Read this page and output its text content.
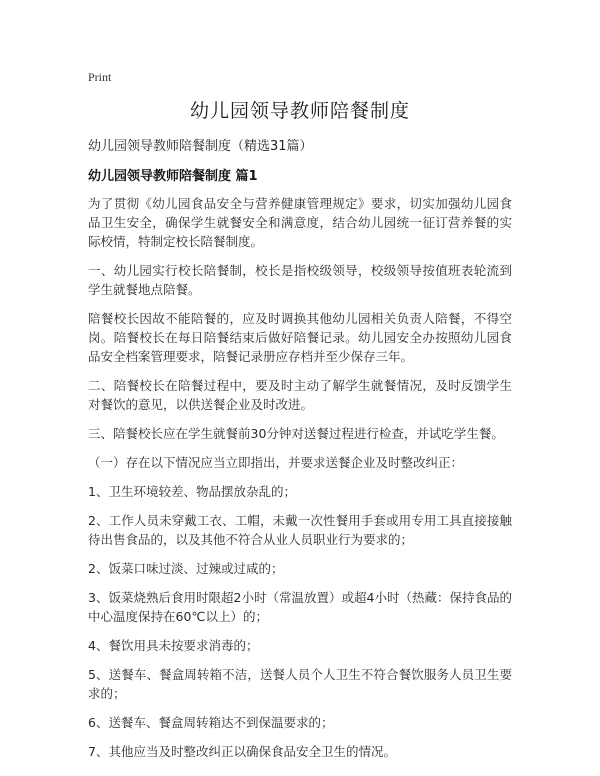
Print
幼儿园领导教师陪餐制度

幼儿园领导教师陪餐制度（精选31篇）

幼儿园领导教师陪餐制度 篇1

为了贯彻《幼儿园食品安全与营养健康管理规定》要求，切实加强幼儿园食品卫生安全，确保学生就餐安全和满意度，结合幼儿园统一征订营养餐的实际校情，特制定校长陪餐制度。

一、幼儿园实行校长陪餐制，校长是指校级领导，校级领导按值班表轮流到学生就餐地点陪餐。

陪餐校长因故不能陪餐的，应及时调换其他幼儿园相关负责人陪餐，不得空岗。陪餐校长在每日陪餐结束后做好陪餐记录。幼儿园安全办按照幼儿园食品安全档案管理要求，陪餐记录册应存档并至少保存三年。

二、陪餐校长在陪餐过程中，要及时主动了解学生就餐情况，及时反馈学生对餐饮的意见，以供送餐企业及时改进。

三、陪餐校长应在学生就餐前30分钟对送餐过程进行检查，并试吃学生餐。

（一）存在以下情况应当立即指出，并要求送餐企业及时整改纠正：

1、卫生环境较差、物品摆放杂乱的；

2、工作人员未穿戴工衣、工帽，未戴一次性餐用手套或用专用工具直接接触待出售食品的，以及其他不符合从业人员职业行为要求的；

2、饭菜口味过淡、过辣或过咸的；

3、饭菜烧熟后食用时限超2小时（常温放置）或超4小时（热藏：保持食品的中心温度保持在60℃以上）的；

4、餐饮用具未按要求消毒的；

5、送餐车、餐盒周转箱不洁，送餐人员个人卫生不符合餐饮服务人员卫生要求的；

6、送餐车、餐盒周转箱达不到保温要求的；

7、其他应当及时整改纠正以确保食品安全卫生的情况。
